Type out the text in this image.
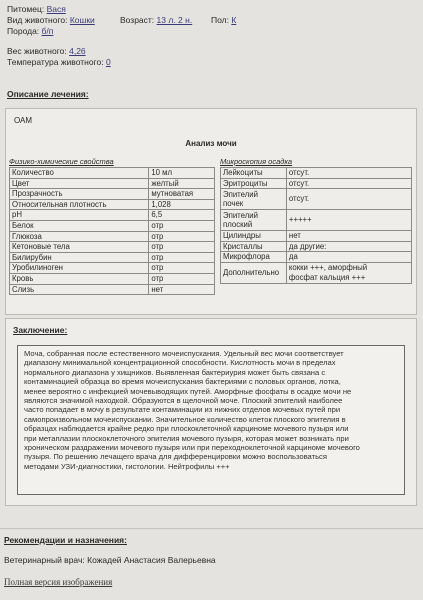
Питомец: Вася
Вид животного: Кошки	Возраст: 13 л. 2 н. Пол: К
Порода: б/п
Вес животного: 4,26
Температура животного: 0
Описание лечения:
ОАМ
Анализ мочи
Физико-химические свойства
Количество	10 мл
Цвет	желтый
Прозрачность	мутноватая
Относительная плотность	1,028
pH	6,5
Белок	отр
Глюкоза	отр
Кетоновые тела	отр
Билирубин	отр
Уробилиноген	отр
Кровь	отр
Слизь	нет
Микроскопия осадка
Лейкоциты	отсут.
Эритроциты	отсут.
Эпителий
почек	отсут.
Эпителий
плоский	+++++
Цилиндры	нет
Кристаллы	да другие:
Микрофлора	да
Дополнительно	кокки +++, аморфный
фосфат кальция +++
Заключение:

Моча, собранная после естественного мочеиспускания. Удельный вес мочи соответствует
диапазону минимальной концентрационной способности. Кислотность мочи в пределах
нормального диапазона у хищников. Выявленная бактериурия может быть связана с
контаминацией образца во время мочеиспускания бактериями с половых органов, лотка,
менее вероятно с инфекцией мочевыводящих путей. Аморфные фосфаты в осадке мочи не
являются значимой находкой. Образуются в щелочной моче. Плоский эпителий наиболее
часто попадает в мочу в результате контаминации из нижних отделов мочевых путей при
самопроизвольном мочеиспускании. Значительное количество клеток плоского эпителия в
образцах наблюдается крайне редко при плоскоклеточной карциноме мочевого пузыря или
при метаплазии плоскоклеточного эпителия мочевого пузыря, которая может возникать при
хроническом раздражении мочевого пузыря или при переходноклеточной карциноме мочевого
пузыря. По решению лечащего врача для дифференцировки можно воспользоваться
методами УЗИ-диагностики, гистологии. Нейтрофилы +++

Рекомендации и назначения:
Ветеринарный врач: Кожадей Анастасия Валерьевна
Полная версия изображения
